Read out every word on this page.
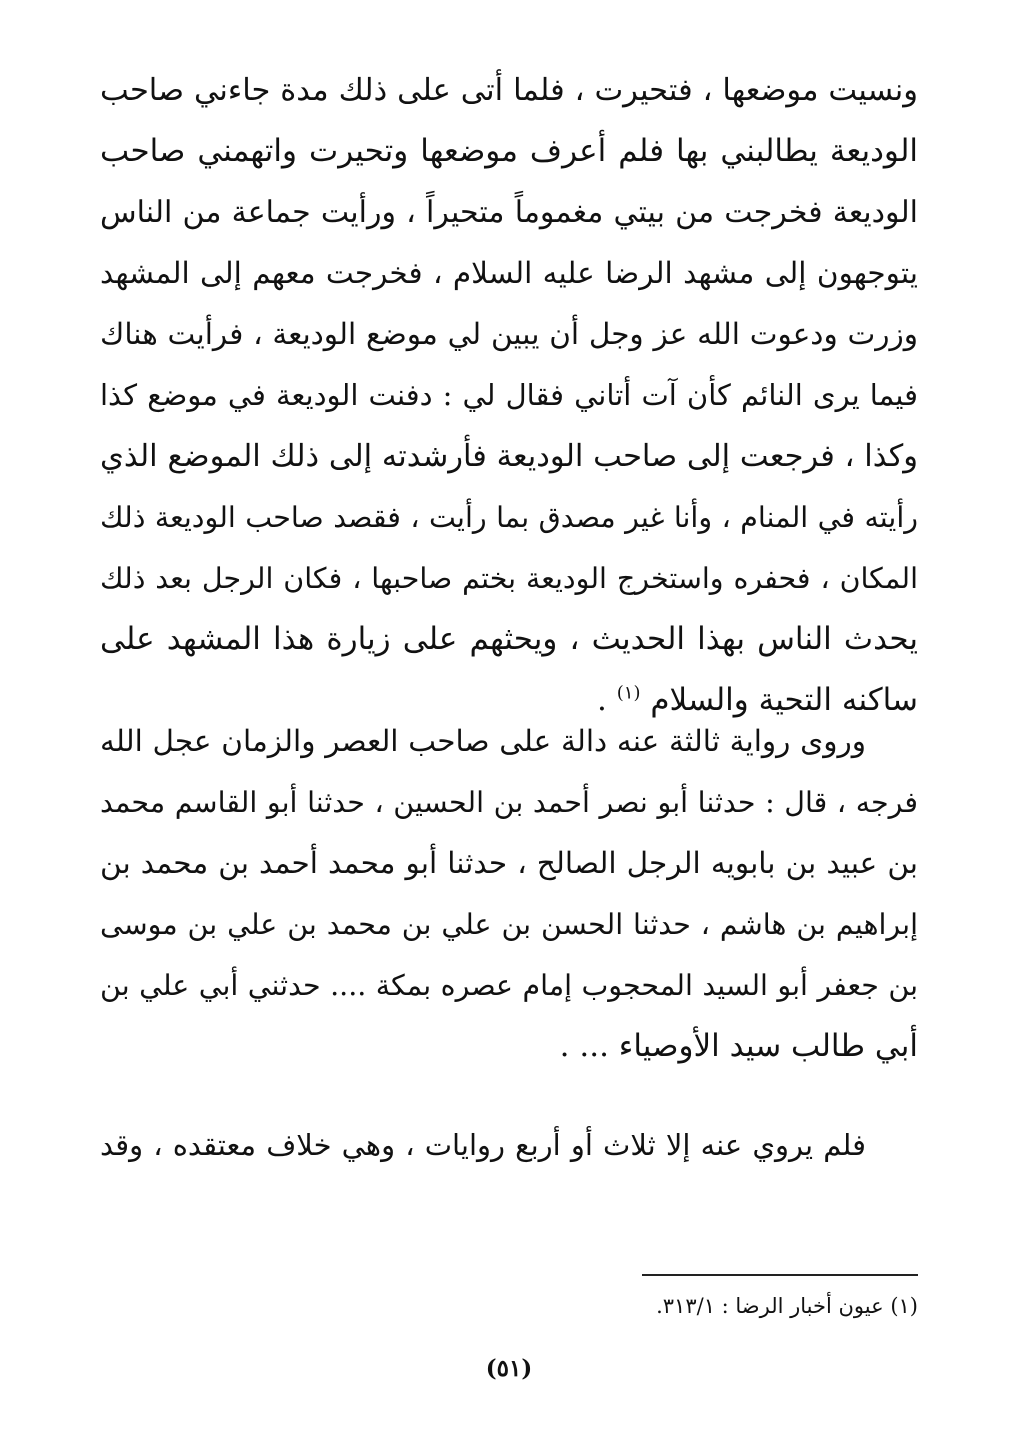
ونسيت موضعها ، فتحيرت ، فلما أتى على ذلك مدة جاءني صاحب
الوديعة يطالبني بها فلم أعرف موضعها وتحيرت واتهمني صاحب
الوديعة فخرجت من بيتي مغموماً متحيراً ، ورأيت جماعة من الناس
يتوجهون إلى مشهد الرضا عليه السلام ، فخرجت معهم إلى المشهد
وزرت ودعوت الله عز وجل أن يبين لي موضع الوديعة ، فرأيت هناك
فيما يرى النائم كأن آت أتاني فقال لي : دفنت الوديعة في موضع كذا
وكذا ، فرجعت إلى صاحب الوديعة فأرشدته إلى ذلك الموضع الذي
رأيته في المنام ، وأنا غير مصدق بما رأيت ، فقصد صاحب الوديعة ذلك
المكان ، فحفره واستخرج الوديعة بختم صاحبها ، فكان الرجل بعد ذلك
يحدث الناس بهذا الحديث ، ويحثهم على زيارة هذا المشهد على
ساكنه التحية والسلام $^{(١)}$ .
وروى رواية ثالثة عنه دالة على صاحب العصر والزمان عجل الله
فرجه ، قال : حدثنا أبو نصر أحمد بن الحسين ، حدثنا أبو القاسم محمد
بن عبيد بن بابويه الرجل الصالح ، حدثنا أبو محمد أحمد بن محمد بن
إبراهيم بن هاشم ، حدثنا الحسن بن علي بن محمد بن علي بن موسى
بن جعفر أبو السيد المحجوب إمام عصره بمكة .... حدثني أبي علي بن
أبي طالب سيد الأوصياء ... .
فلم يروي عنه إلا ثلاث أو أربع روايات ، وهي خلاف معتقده ، وقد
(١) عيون أخبار الرضا : ٣١٣/١.
(٥١)
